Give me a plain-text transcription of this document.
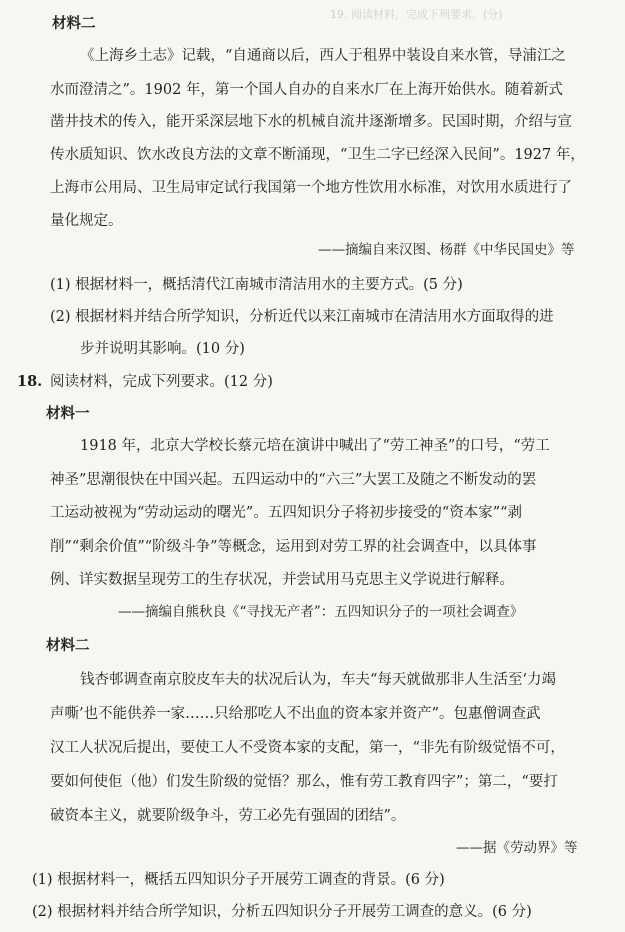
19. 阅读材料，完成下列要求。(分)
材料二
《上海乡土志》记载，“自通商以后，西人于租界中装设自来水管，导浦江之
水而澄清之”。1902 年，第一个国人自办的自来水厂在上海开始供水。随着新式
凿井技术的传入，能开采深层地下水的机械自流井逐渐增多。民国时期，介绍与宣
传水质知识、饮水改良方法的文章不断涌现，“卫生二字已经深入民间”。1927 年，
上海市公用局、卫生局审定试行我国第一个地方性饮用水标准，对饮用水质进行了
量化规定。
——摘编自来汉图、杨群《中华民国史》等
(1) 根据材料一，概括清代江南城市清洁用水的主要方式。(5 分)
(2) 根据材料并结合所学知识，分析近代以来江南城市在清洁用水方面取得的进
步并说明其影响。(10 分)
18. 阅读材料，完成下列要求。(12 分)
材料一
1918 年，北京大学校长蔡元培在演讲中喊出了“劳工神圣”的口号，“劳工
神圣”思潮很快在中国兴起。五四运动中的“六三”大罢工及随之不断发动的罢
工运动被视为“劳动运动的曙光”。五四知识分子将初步接受的“资本家”“剥
削”“剩余价值”“阶级斗争”等概念，运用到对劳工界的社会调查中，以具体事
例、详实数据呈现劳工的生存状况，并尝试用马克思主义学说进行解释。
——摘编自熊秋良《“寻找无产者”：五四知识分子的一项社会调查》
材料二
钱杏邨调查南京胶皮车夫的状况后认为，车夫“每天就做那非人生活至‘力竭
声嘶’也不能供养一家……只给那吃人不出血的资本家并资产”。包惠僧调查武
汉工人状况后提出，要使工人不受资本家的支配，第一，“非先有阶级觉悟不可，
要如何使佢（他）们发生阶级的觉悟？那么，惟有劳工教育四字”；第二，“要打
破资本主义，就要阶级争斗，劳工必先有强固的团结”。
——据《劳动界》等
(1) 根据材料一，概括五四知识分子开展劳工调查的背景。(6 分)
(2) 根据材料并结合所学知识，分析五四知识分子开展劳工调查的意义。(6 分)
